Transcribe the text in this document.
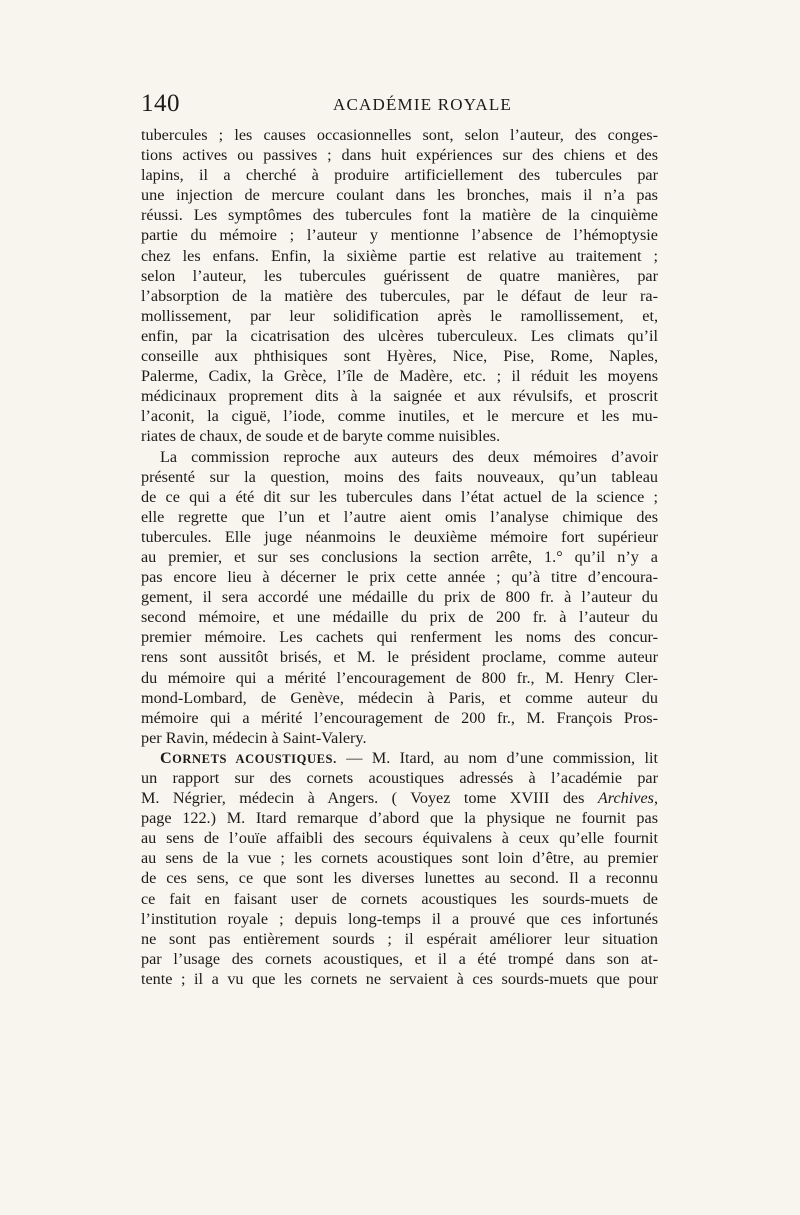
140	ACADÉMIE ROYALE
tubercules ; les causes occasionnelles sont, selon l’auteur, des conges-
tions actives ou passives ; dans huit expériences sur des chiens et des
lapins, il a cherché à produire artificiellement des tubercules par
une injection de mercure coulant dans les bronches, mais il n’a pas
réussi. Les symptômes des tubercules font la matière de la cinquième
partie du mémoire ; l’auteur y mentionne l’absence de l’hémoptysie
chez les enfans. Enfin, la sixième partie est relative au traitement ;
selon l’auteur, les tubercules guérissent de quatre manières, par
l’absorption de la matière des tubercules, par le défaut de leur ra-
mollissement, par leur solidification après le ramollissement, et,
enfin, par la cicatrisation des ulcères tuberculeux. Les climats qu’il
conseille aux phthisiques sont Hyères, Nice, Pise, Rome, Naples,
Palerme, Cadix, la Grèce, l’île de Madère, etc. ; il réduit les moyens
médicinaux proprement dits à la saignée et aux révulsifs, et proscrit
l’aconit, la ciguë, l’iode, comme inutiles, et le mercure et les mu-
riates de chaux, de soude et de baryte comme nuisibles.
La commission reproche aux auteurs des deux mémoires d’avoir
présenté sur la question, moins des faits nouveaux, qu’un tableau
de ce qui a été dit sur les tubercules dans l’état actuel de la science ;
elle regrette que l’un et l’autre aient omis l’analyse chimique des
tubercules. Elle juge néanmoins le deuxième mémoire fort supérieur
au premier, et sur ses conclusions la section arrête, 1.° qu’il n’y a
pas encore lieu à décerner le prix cette année ; qu’à titre d’encoura-
gement, il sera accordé une médaille du prix de 800 fr. à l’auteur du
second mémoire, et une médaille du prix de 200 fr. à l’auteur du
premier mémoire. Les cachets qui renferment les noms des concur-
rens sont aussitôt brisés, et M. le président proclame, comme auteur
du mémoire qui a mérité l’encouragement de 800 fr., M. Henry Cler-
mond-Lombard, de Genève, médecin à Paris, et comme auteur du
mémoire qui a mérité l’encouragement de 200 fr., M. François Pros-
per Ravin, médecin à Saint-Valery.
CORNETS ACOUSTIQUES. — M. Itard, au nom d’une commission, lit
un rapport sur des cornets acoustiques adressés à l’académie par
M. Négrier, médecin à Angers. ( Voyez tome XVIII des Archives,
page 122.) M. Itard remarque d’abord que la physique ne fournit pas
au sens de l’ouïe affaibli des secours équivalens à ceux qu’elle fournit
au sens de la vue ; les cornets acoustiques sont loin d’être, au premier
de ces sens, ce que sont les diverses lunettes au second. Il a reconnu
ce fait en faisant user de cornets acoustiques les sourds-muets de
l’institution royale ; depuis long-temps il a prouvé que ces infortunés
ne sont pas entièrement sourds ; il espérait améliorer leur situation
par l’usage des cornets acoustiques, et il a été trompé dans son at-
tente ; il a vu que les cornets ne servaient à ces sourds-muets que pour
